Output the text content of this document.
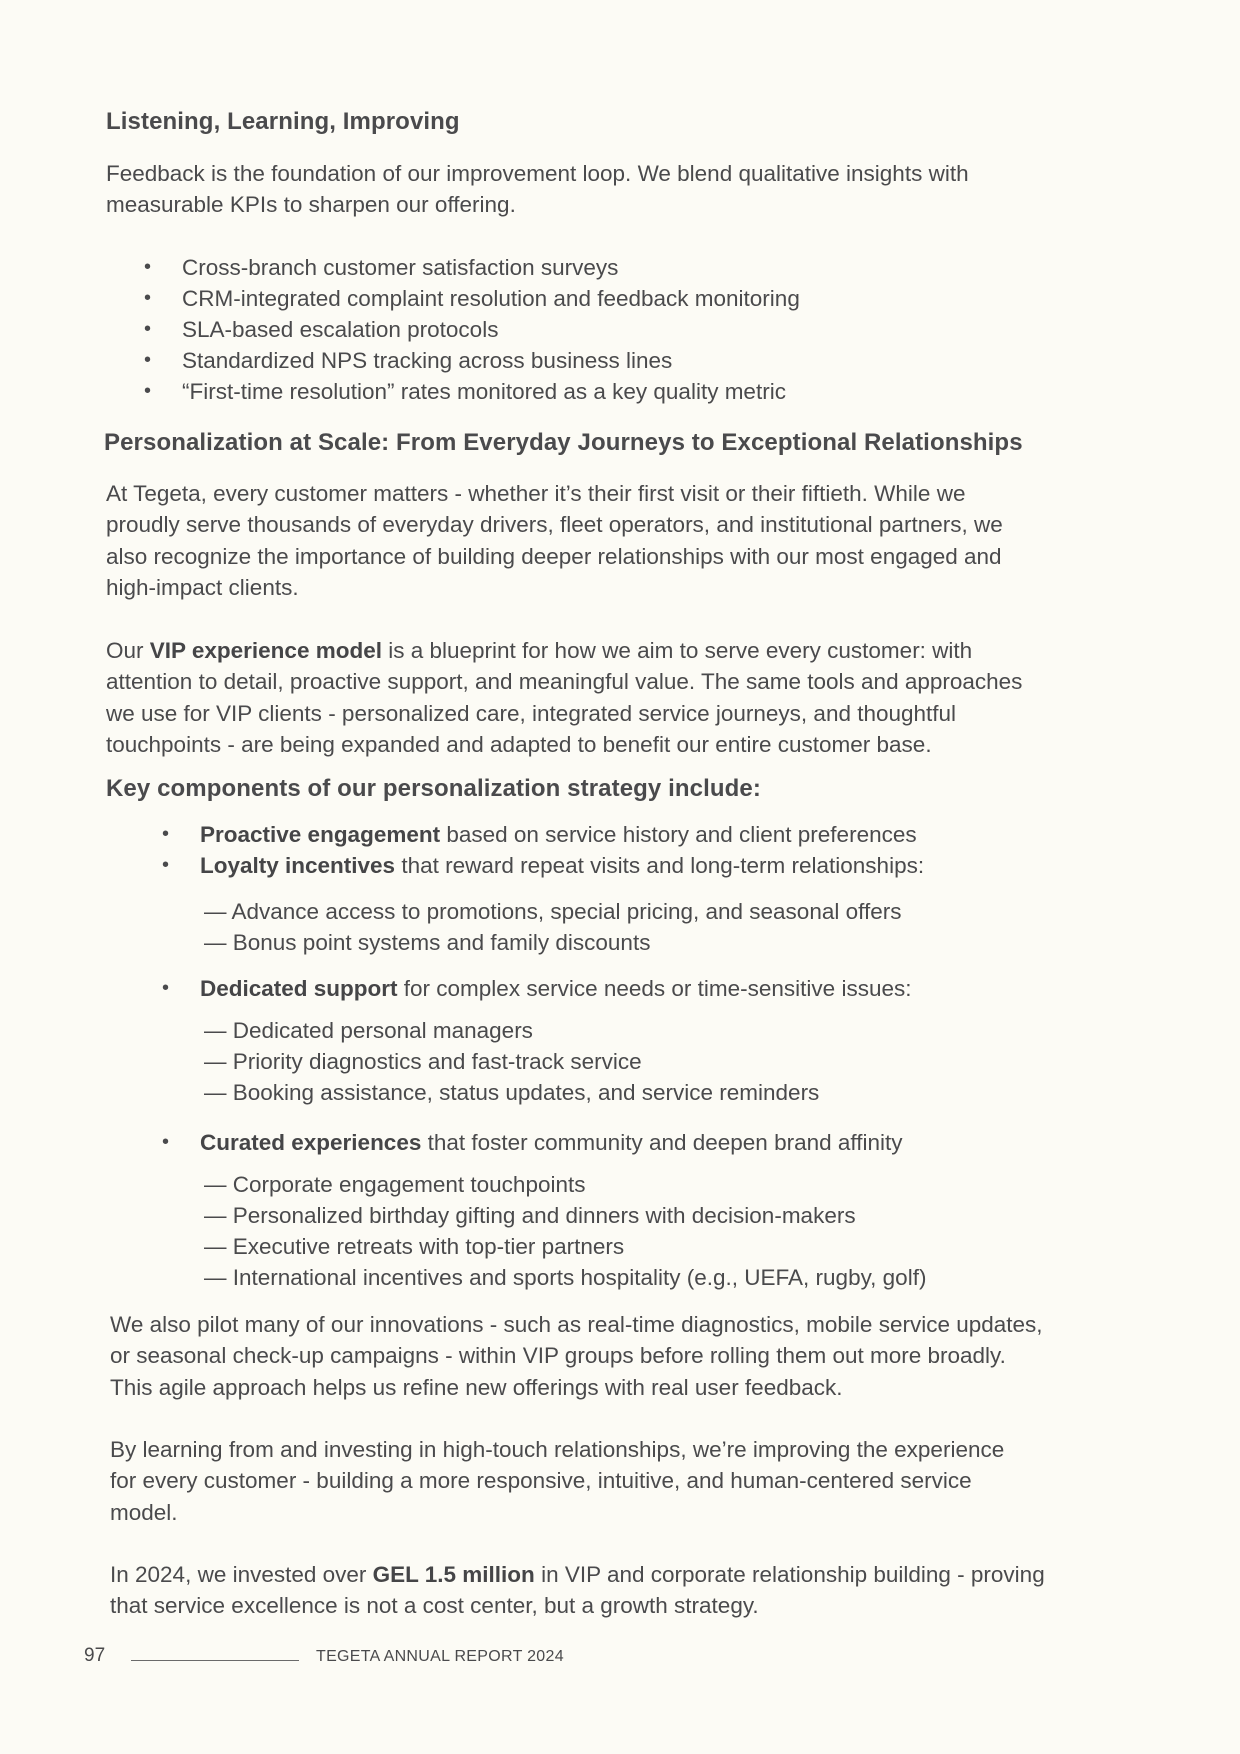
Listening, Learning, Improving
Feedback is the foundation of our improvement loop. We blend qualitative insights with
measurable KPIs to sharpen our offering.
• Cross-branch customer satisfaction surveys
• CRM-integrated complaint resolution and feedback monitoring
• SLA-based escalation protocols
• Standardized NPS tracking across business lines
• “First-time resolution” rates monitored as a key quality metric
Personalization at Scale: From Everyday Journeys to Exceptional Relationships
At Tegeta, every customer matters - whether it’s their first visit or their fiftieth. While we
proudly serve thousands of everyday drivers, fleet operators, and institutional partners, we
also recognize the importance of building deeper relationships with our most engaged and
high-impact clients.
Our VIP experience model is a blueprint for how we aim to serve every customer: with
attention to detail, proactive support, and meaningful value. The same tools and approaches
we use for VIP clients - personalized care, integrated service journeys, and thoughtful
touchpoints - are being expanded and adapted to benefit our entire customer base.
Key components of our personalization strategy include:
• Proactive engagement based on service history and client preferences
• Loyalty incentives that reward repeat visits and long-term relationships:
— Advance access to promotions, special pricing, and seasonal offers
— Bonus point systems and family discounts
• Dedicated support for complex service needs or time-sensitive issues:
— Dedicated personal managers
— Priority diagnostics and fast-track service
— Booking assistance, status updates, and service reminders
• Curated experiences that foster community and deepen brand affinity
— Corporate engagement touchpoints
— Personalized birthday gifting and dinners with decision-makers
— Executive retreats with top-tier partners
— International incentives and sports hospitality (e.g., UEFA, rugby, golf)
We also pilot many of our innovations - such as real-time diagnostics, mobile service updates,
or seasonal check-up campaigns - within VIP groups before rolling them out more broadly.
This agile approach helps us refine new offerings with real user feedback.
By learning from and investing in high-touch relationships, we’re improving the experience
for every customer - building a more responsive, intuitive, and human-centered service
model.
In 2024, we invested over GEL 1.5 million in VIP and corporate relationship building - proving
that service excellence is not a cost center, but a growth strategy.
97	TEGETA ANNUAL REPORT 2024
